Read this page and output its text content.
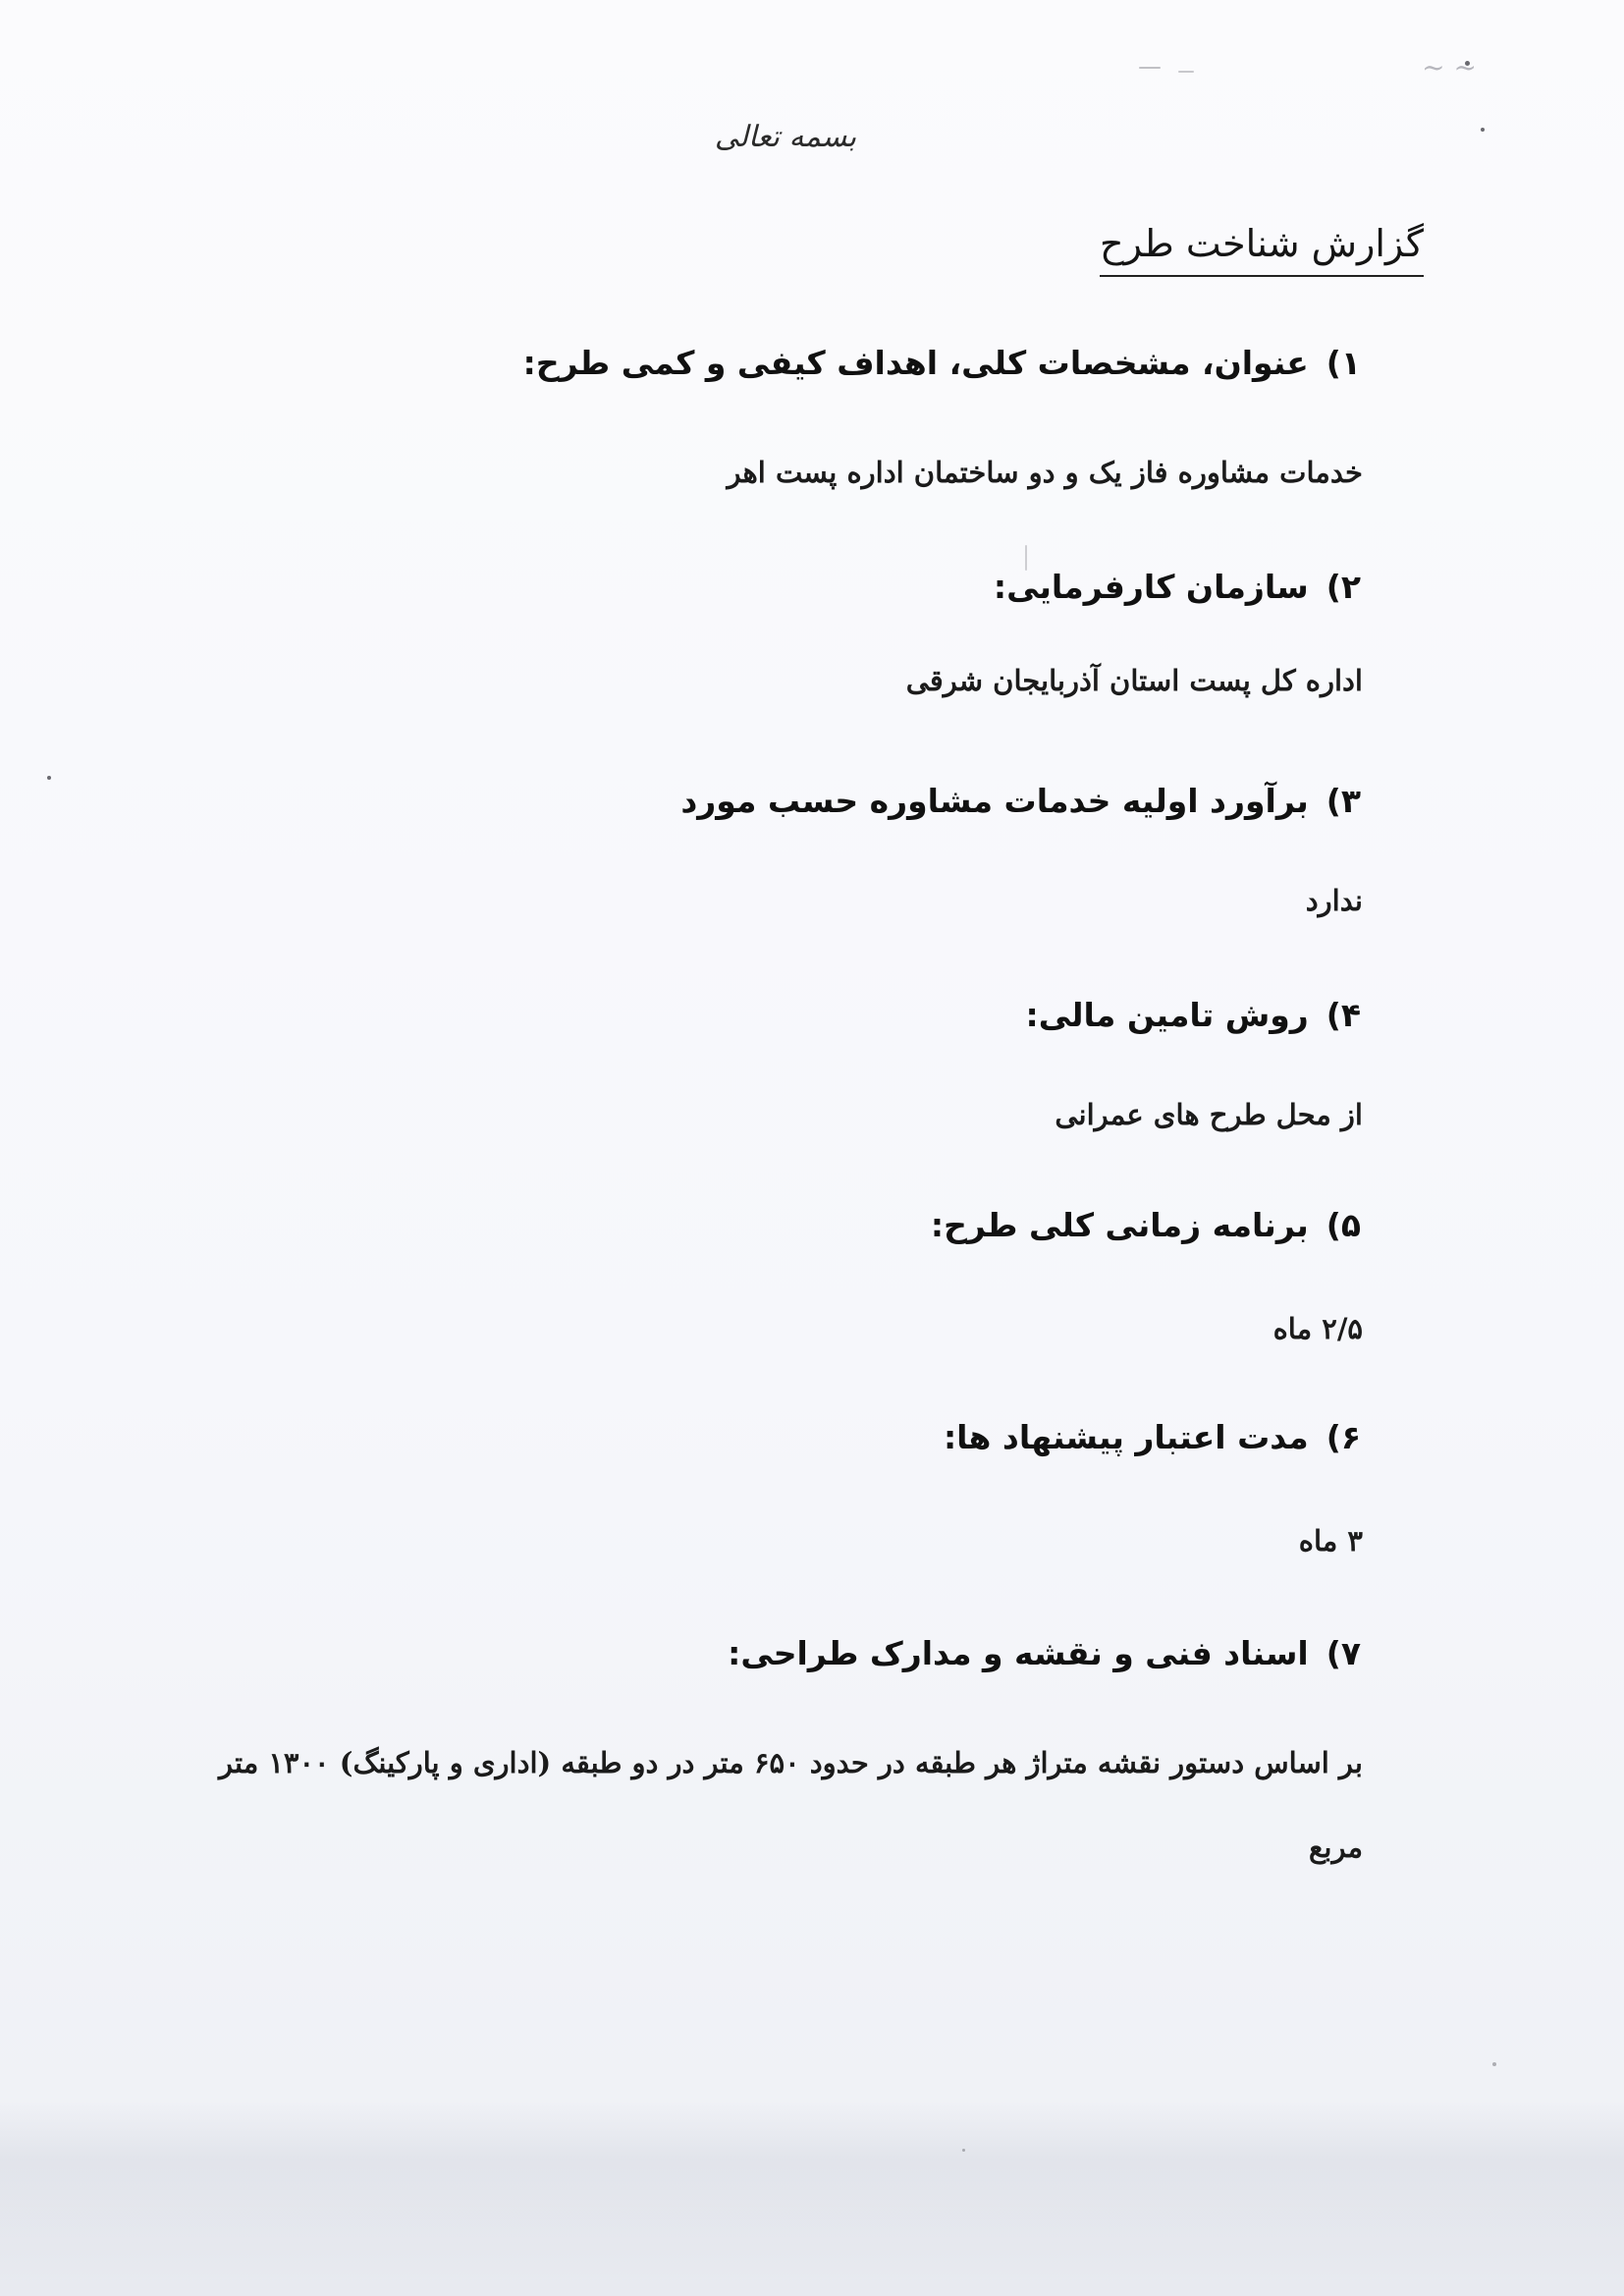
~ ~
بسمه تعالی
گزارش شناخت طرح
۱)عنوان، مشخصات کلی، اهداف کیفی و کمی طرح:
خدمات مشاوره فاز یک و دو ساختمان اداره پست اهر
۲)سازمان کارفرمایی:
اداره کل پست استان آذربایجان شرقی
۳)برآورد اولیه خدمات مشاوره حسب مورد
ندارد
۴)روش تامین مالی:
از محل طرح های عمرانی
۵)برنامه زمانی کلی طرح:
۲/۵ ماه
۶)مدت اعتبار پیشنهاد ها:
۳ ماه
۷)اسناد فنی و نقشه و مدارک طراحی:
بر اساس دستور نقشه متراژ هر طبقه در حدود ۶۵۰ متر در دو طبقه (اداری و پارکینگ) ۱۳۰۰ متر مربع
